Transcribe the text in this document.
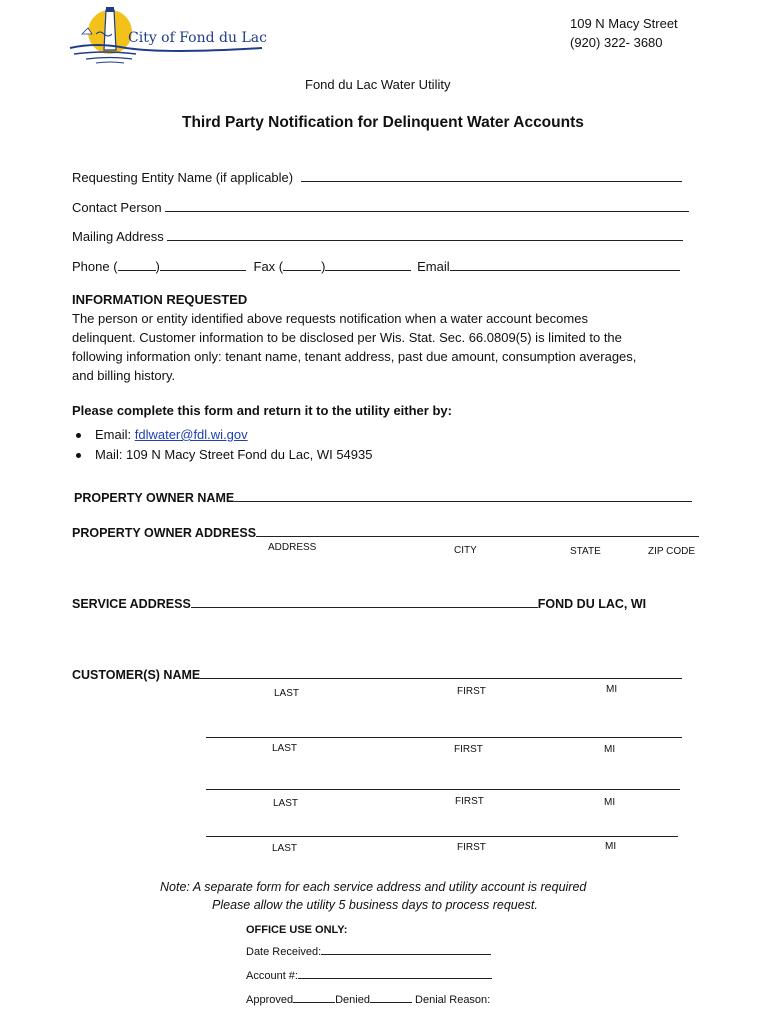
City of Fond du Lac
109 N Macy Street
(920) 322- 3680
Fond du Lac Water Utility
Third Party Notification for Delinquent Water Accounts
Requesting Entity Name (if applicable)
Contact Person
Mailing Address
Phone (	)	Fax (	)	Email
INFORMATION REQUESTED
The person or entity identified above requests notification when a water account becomes
delinquent. Customer information to be disclosed per Wis. Stat. Sec. 66.0809(5) is limited to the
following information only: tenant name, tenant address, past due amount, consumption averages,
and billing history.
Please complete this form and return it to the utility either by:
Email: fdlwater@fdl.wi.gov
Mail: 109 N Macy Street Fond du Lac, WI 54935
PROPERTY OWNER NAME
PROPERTY OWNER ADDRESS
ADDRESS	CITY	STATE	ZIP CODE
SERVICE ADDRESS	FOND DU LAC, WI
CUSTOMER(S) NAME
LAST	FIRST	MI
LAST	FIRST	MI
LAST	FIRST	MI
LAST	FIRST	MI
Note: A separate form for each service address and utility account is required
Please allow the utility 5 business days to process request.
OFFICE USE ONLY:
Date Received:
Account #:
Approved	Denied	Denial Reason:
